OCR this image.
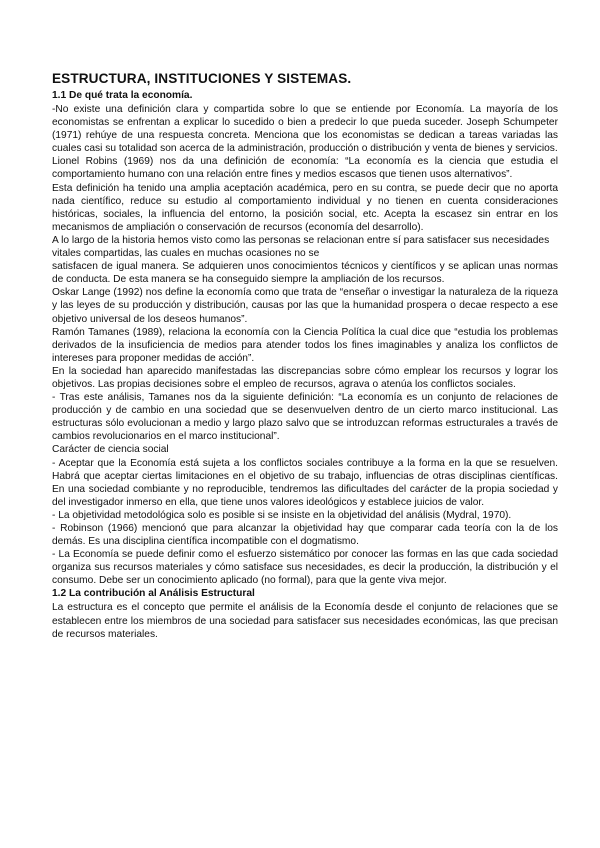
ESTRUCTURA, INSTITUCIONES Y SISTEMAS.
1.1 De qué trata la economía.

-No existe una definición clara y compartida sobre lo que se entiende por Economía. La mayoría de los economistas se enfrentan a explicar lo sucedido o bien a predecir lo que pueda suceder. Joseph Schumpeter (1971) rehúye de una respuesta concreta. Menciona que los economistas se dedican a tareas variadas las cuales casi su totalidad son acerca de la administración, producción o distribución y venta de bienes y servicios.

Lionel Robins (1969) nos da una definición de economía: “La economía es la ciencia que estudia el comportamiento humano con una relación entre fines y medios escasos que tienen usos alternativos”.

Esta definición ha tenido una amplia aceptación académica, pero en su contra, se puede decir que no aporta nada científico, reduce su estudio al comportamiento individual y no tienen en cuenta consideraciones históricas, sociales, la influencia del entorno, la posición social, etc. Acepta la escasez sin entrar en los mecanismos de ampliación o conservación de recursos (economía del desarrollo).

A lo largo de la historia hemos visto como las personas se relacionan entre sí para satisfacer sus necesidades vitales compartidas, las cuales en muchas ocasiones no se

satisfacen de igual manera. Se adquieren unos conocimientos técnicos y científicos y se aplican unas normas de conducta. De esta manera se ha conseguido siempre la ampliación de los recursos.

Oskar Lange (1992) nos define la economía como que trata de “enseñar o investigar la naturaleza de la riqueza y las leyes de su producción y distribución, causas por las que la humanidad prospera o decae respecto a ese objetivo universal de los deseos humanos”.

Ramón Tamanes (1989), relaciona la economía con la Ciencia Política la cual dice que “estudia los problemas derivados de la insuficiencia de medios para atender todos los fines imaginables y analiza los conflictos de intereses para proponer medidas de acción”.

En la sociedad han aparecido manifestadas las discrepancias sobre cómo emplear los recursos y lograr los objetivos. Las propias decisiones sobre el empleo de recursos, agrava o atenúa los conflictos sociales.

- Tras este análisis, Tamanes nos da la siguiente definición: “La economía es un conjunto de relaciones de producción y de cambio en una sociedad que se desenvuelven dentro de un cierto marco institucional. Las estructuras sólo evolucionan a medio y largo plazo salvo que se introduzcan reformas estructurales a través de cambios revolucionarios en el marco institucional”.

Carácter de ciencia social

- Aceptar que la Economía está sujeta a los conflictos sociales contribuye a la forma en la que se resuelven. Habrá que aceptar ciertas limitaciones en el objetivo de su trabajo, influencias de otras disciplinas científicas. En una sociedad combiante y no reproducible, tendremos las dificultades del carácter de la propia sociedad y del investigador inmerso en ella, que tiene unos valores ideológicos y establece juicios de valor.

- La objetividad metodológica solo es posible si se insiste en la objetividad del análisis (Mydral, 1970).

- Robinson (1966) mencionó que para alcanzar la objetividad hay que comparar cada teoría con la de los demás. Es una disciplina científica incompatible con el dogmatismo.

- La Economía se puede definir como el esfuerzo sistemático por conocer las formas en las que cada sociedad organiza sus recursos materiales y cómo satisface sus necesidades, es decir la producción, la distribución y el consumo. Debe ser un conocimiento aplicado (no formal), para que la gente viva mejor.

1.2 La contribución al Análisis Estructural

La estructura es el concepto que permite el análisis de la Economía desde el conjunto de relaciones que se establecen entre los miembros de una sociedad para satisfacer sus necesidades económicas, las que precisan de recursos materiales.
